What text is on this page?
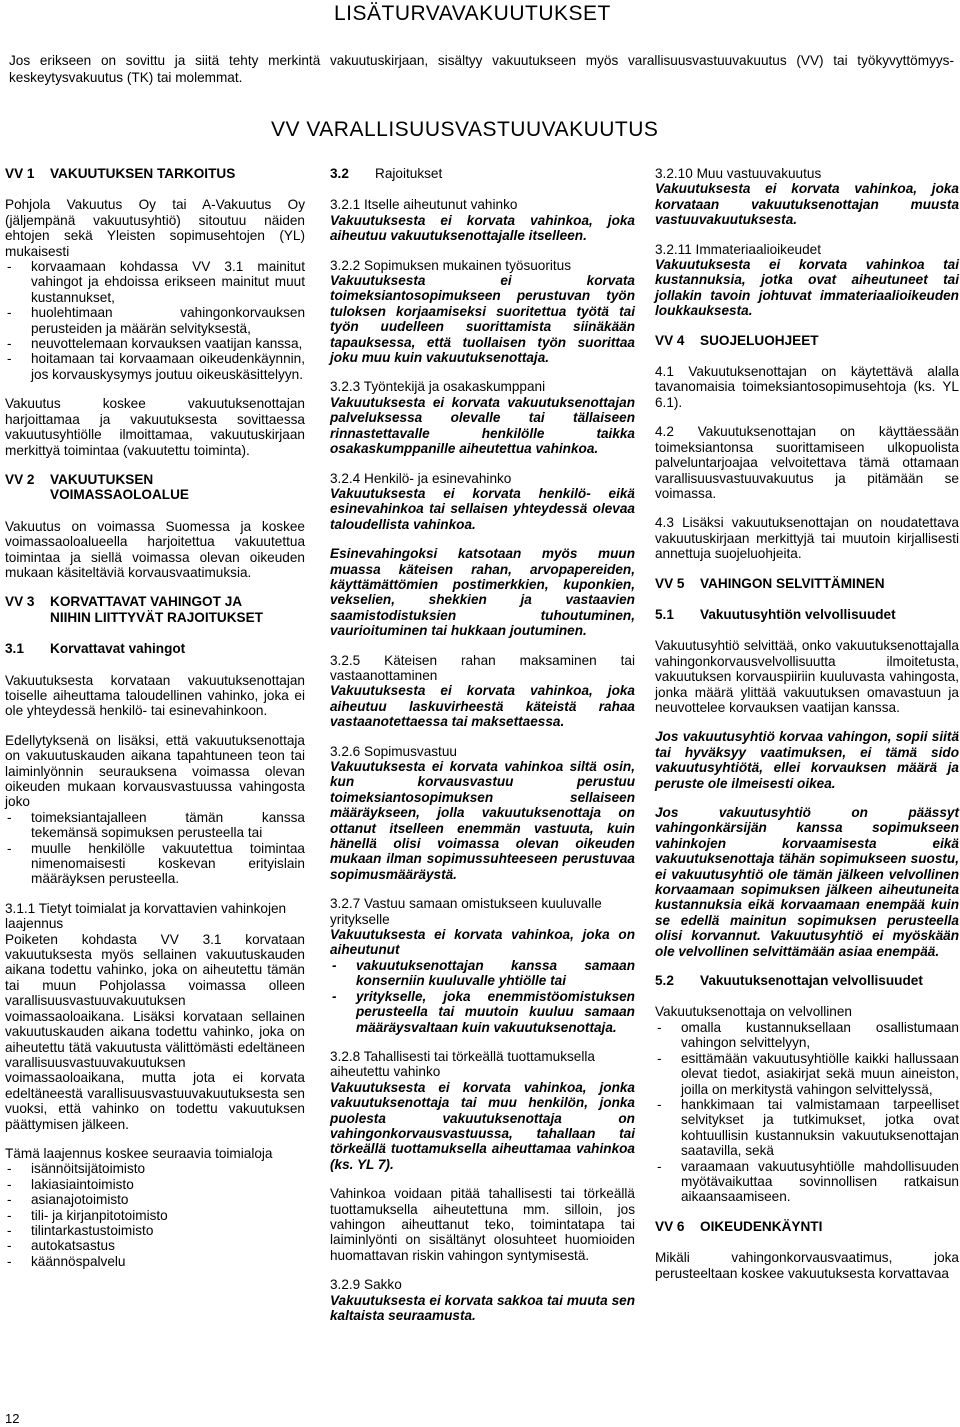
LISÄTURVAVAKUUTUKSET

Jos erikseen on sovittu ja siitä tehty merkintä vakuutuskirjaan, sisältyy vakuutukseen myös varallisuusvastuuvakuutus (VV) tai työkyvyttömyys-keskeytysvakuutus (TK) tai molemmat.

VV VARALLISUUSVASTUUVAKUUTUS
VV 1	VAKUUTUKSEN TARKOITUS

Pohjola Vakuutus Oy tai A-Vakuutus Oy (jäljempänä vakuutusyhtiö) sitoutuu näiden ehtojen sekä Yleisten sopimusehtojen (YL) mukaisesti

- korvaamaan kohdassa VV 3.1 mainitut vahingot ja ehdoissa erikseen mainitut muut kustannukset,
- huolehtimaan vahingonkorvauksen perusteiden ja määrän selvityksestä,
- neuvottelemaan korvauksen vaatijan kanssa,
- hoitamaan tai korvaamaan oikeudenkäynnin, jos korvauskysymys joutuu oikeuskäsittelyyn.

Vakuutus koskee vakuutuksenottajan harjoittamaa ja vakuutuksesta sovittaessa vakuutusyhtiölle ilmoittamaa, vakuutuskirjaan merkittyä toimintaa (vakuutettu toiminta).

VV 2	VAKUUTUKSEN
VOIMASSAOLOALUE

Vakuutus on voimassa Suomessa ja koskee voimassaoloalueella harjoitettua vakuutettua toimintaa ja siellä voimassa olevan oikeuden mukaan käsiteltäviä korvausvaatimuksia.

VV 3	KORVATTAVAT VAHINGOT JA
NIIHIN LIITTYVÄT RAJOITUKSET
3.1	Korvattavat vahingot

Vakuutuksesta korvataan vakuutuksenottajan toiselle aiheuttama taloudellinen vahinko, joka ei ole yhteydessä henkilö- tai esinevahinkoon.

Edellytyksenä on lisäksi, että vakuutuksenottaja on vakuutuskauden aikana tapahtuneen teon tai laiminlyönnin seurauksena voimassa olevan oikeuden mukaan korvausvastuussa vahingosta joko

- toimeksiantajalleen tämän kanssa tekemänsä sopimuksen perusteella tai
- muulle henkilölle vakuutettua toimintaa nimenomaisesti koskevan erityislain määräyksen perusteella.

3.1.1 Tietyt toimialat ja korvattavien vahinkojen laajennus

Poiketen kohdasta VV 3.1 korvataan vakuutuksesta myös sellainen vakuutuskauden aikana todettu vahinko, joka on aiheutettu tämän tai muun Pohjolassa voimassa olleen varallisuusvastuuvakuutuksen voimassaoloaikana. Lisäksi korvataan sellainen vakuutuskauden aikana todettu vahinko, joka on aiheutettu tätä vakuutusta välittömästi edeltäneen varallisuusvastuuvakuutuksen voimassaoloaikana, mutta jota ei korvata edeltäneestä varallisuusvastuuvakuutuksesta sen vuoksi, että vahinko on todettu vakuutuksen päättymisen jälkeen.

Tämä laajennus koskee seuraavia toimialoja

- isännöitsijätoimisto
- lakiasiaintoimisto
- asianajotoimisto
- tili- ja kirjanpitotoimisto
- tilintarkastustoimisto
- autokatsastus
- käännöspalvelu
3.2	Rajoitukset

3.2.1 Itselle aiheutunut vahinko

Vakuutuksesta ei korvata vahinkoa, joka aiheutuu vakuutuksenottajalle itselleen.

3.2.2 Sopimuksen mukainen työsuoritus

Vakuutuksesta ei korvata toimeksiantosopimukseen perustuvan työn tuloksen korjaamiseksi suoritettua työtä tai työn uudelleen suorittamista siinäkään tapauksessa, että tuollaisen työn suorittaa joku muu kuin vakuutuksenottaja.

3.2.3 Työntekijä ja osakaskumppani

Vakuutuksesta ei korvata vakuutuksenottajan palveluksessa olevalle tai tällaiseen rinnastettavalle henkilölle taikka osakaskumppanille aiheutettua vahinkoa.

3.2.4 Henkilö- ja esinevahinko

Vakuutuksesta ei korvata henkilö- eikä esinevahinkoa tai sellaisen yhteydessä olevaa taloudellista vahinkoa.

Esinevahingoksi katsotaan myös muun muassa käteisen rahan, arvopapereiden, käyttämättömien postimerkkien, kuponkien, vekselien, shekkien ja vastaavien saamistodistuksien tuhoutuminen, vaurioituminen tai hukkaan joutuminen.

3.2.5 Käteisen rahan maksaminen tai vastaanottaminen

Vakuutuksesta ei korvata vahinkoa, joka aiheutuu laskuvirheestä käteistä rahaa vastaanotettaessa tai maksettaessa.

3.2.6 Sopimusvastuu

Vakuutuksesta ei korvata vahinkoa siltä osin, kun korvausvastuu perustuu toimeksiantosopimuksen sellaiseen määräykseen, jolla vakuutuksenottaja on ottanut itselleen enemmän vastuuta, kuin hänellä olisi voimassa olevan oikeuden mukaan ilman sopimussuhteeseen perustuvaa sopimusmääräystä.

3.2.7 Vastuu samaan omistukseen kuuluvalle yritykselle

Vakuutuksesta ei korvata vahinkoa, joka on aiheutunut

- vakuutuksenottajan kanssa samaan konserniin kuuluvalle yhtiölle tai
- yritykselle, joka enemmistöomistuksen perusteella tai muutoin kuuluu samaan määräysvaltaan kuin vakuutuksenottaja.

3.2.8 Tahallisesti tai törkeällä tuottamuksella aiheutettu vahinko

Vakuutuksesta ei korvata vahinkoa, jonka vakuutuksenottaja tai muu henkilön, jonka puolesta vakuutuksenottaja on vahingonkorvausvastuussa, tahallaan tai törkeällä tuottamuksella aiheuttamaa vahinkoa (ks. YL 7).

Vahinkoa voidaan pitää tahallisesti tai törkeällä tuottamuksella aiheutettuna mm. silloin, jos vahingon aiheuttanut teko, toimintatapa tai laiminlyönti on sisältänyt olosuhteet huomioiden huomattavan riskin vahingon syntymisestä.

3.2.9 Sakko

Vakuutuksesta ei korvata sakkoa tai muuta sen kaltaista seuraamusta.

3.2.10 Muu vastuuvakuutus

Vakuutuksesta ei korvata vahinkoa, joka korvataan vakuutuksenottajan muusta vastuuvakuutuksesta.

3.2.11 Immateriaalioikeudet

Vakuutuksesta ei korvata vahinkoa tai kustannuksia, jotka ovat aiheutuneet tai jollakin tavoin johtuvat immateriaalioikeuden loukkauksesta.

VV 4	SUOJELUOHJEET

4.1 Vakuutuksenottajan on käytettävä alalla tavanomaisia toimeksiantosopimusehtoja (ks. YL 6.1).

4.2 Vakuutuksenottajan on käyttäessään toimeksiantonsa suorittamiseen ulkopuolista palveluntarjoajaa velvoitettava tämä ottamaan varallisuusvastuuvakuutus ja pitämään se voimassa.

4.3 Lisäksi vakuutuksenottajan on noudatettava vakuutuskirjaan merkittyjä tai muutoin kirjallisesti annettuja suojeluohjeita.

VV 5	VAHINGON SELVITTÄMINEN
5.1	Vakuutusyhtiön velvollisuudet

Vakuutusyhtiö selvittää, onko vakuutuksenottajalla vahingonkorvausvelvollisuutta ilmoitetusta, vakuutuksen korvauspiiriin kuuluvasta vahingosta, jonka määrä ylittää vakuutuksen omavastuun ja neuvottelee korvauksen vaatijan kanssa.

Jos vakuutusyhtiö korvaa vahingon, sopii siitä tai hyväksyy vaatimuksen, ei tämä sido vakuutusyhtiötä, ellei korvauksen määrä ja peruste ole ilmeisesti oikea.

Jos vakuutusyhtiö on päässyt vahingonkärsijän kanssa sopimukseen vahinkojen korvaamisesta eikä vakuutuksenottaja tähän sopimukseen suostu, ei vakuutusyhtiö ole tämän jälkeen velvollinen korvaamaan sopimuksen jälkeen aiheutuneita kustannuksia eikä korvaamaan enempää kuin se edellä mainitun sopimuksen perusteella olisi korvannut. Vakuutusyhtiö ei myöskään ole velvollinen selvittämään asiaa enempää.

5.2	Vakuutuksenottajan velvollisuudet

Vakuutuksenottaja on velvollinen

- omalla kustannuksellaan osallistumaan vahingon selvittelyyn,
- esittämään vakuutusyhtiölle kaikki hallussaan olevat tiedot, asiakirjat sekä muun aineiston, joilla on merkitystä vahingon selvittelyssä,
- hankkimaan tai valmistamaan tarpeelliset selvitykset ja tutkimukset, jotka ovat kohtuullisin kustannuksin vakuutuksenottajan saatavilla, sekä
- varaamaan vakuutusyhtiölle mahdollisuuden myötävaikuttaa sovinnollisen ratkaisun aikaansaamiseen.
VV 6	OIKEUDENKÄYNTI

Mikäli vahingonkorvausvaatimus, joka perusteeltaan koskee vakuutuksesta korvattavaa

12
